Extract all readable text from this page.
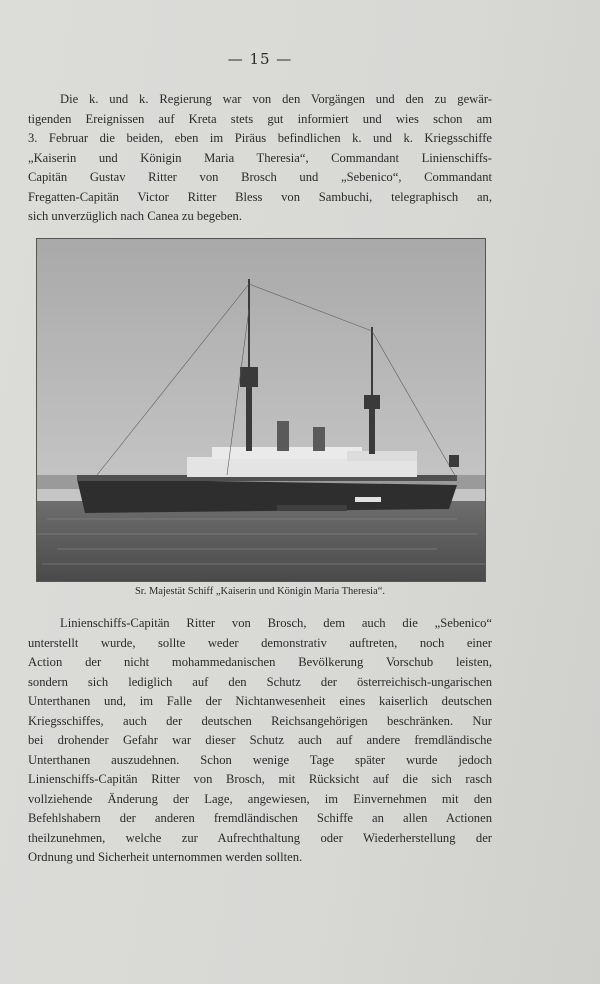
— 15 —
Die k. und k. Regierung war von den Vorgängen und den zu gewär-
tigenden Ereignissen auf Kreta stets gut informiert und wies schon am
3. Februar die beiden, eben im Piräus befindlichen k. und k. Kriegsschiffe
„Kaiserin und Königin Maria Theresia“, Commandant Linienschiffs-
Capitän Gustav Ritter von Brosch und „Sebenico“, Commandant
Fregatten-Capitän Victor Ritter Bless von Sambuchi, telegraphisch an,
sich unverzüglich nach Canea zu begeben.
Sr. Majestät Schiff „Kaiserin und Königin Maria Theresia“.
Linienschiffs-Capitän Ritter von Brosch, dem auch die „Sebenico“
unterstellt wurde, sollte weder demonstrativ auftreten, noch einer
Action der nicht mohammedanischen Bevölkerung Vorschub leisten,
sondern sich lediglich auf den Schutz der österreichisch-ungarischen
Unterthanen und, im Falle der Nichtanwesenheit eines kaiserlich deutschen
Kriegsschiffes, auch der deutschen Reichsangehörigen beschränken. Nur
bei drohender Gefahr war dieser Schutz auch auf andere fremdländische
Unterthanen auszudehnen. Schon wenige Tage später wurde jedoch
Linienschiffs-Capitän Ritter von Brosch, mit Rücksicht auf die sich rasch
vollziehende Änderung der Lage, angewiesen, im Einvernehmen mit den
Befehlshabern der anderen fremdländischen Schiffe an allen Actionen
theilzunehmen, welche zur Aufrechthaltung oder Wiederherstellung der
Ordnung und Sicherheit unternommen werden sollten.
